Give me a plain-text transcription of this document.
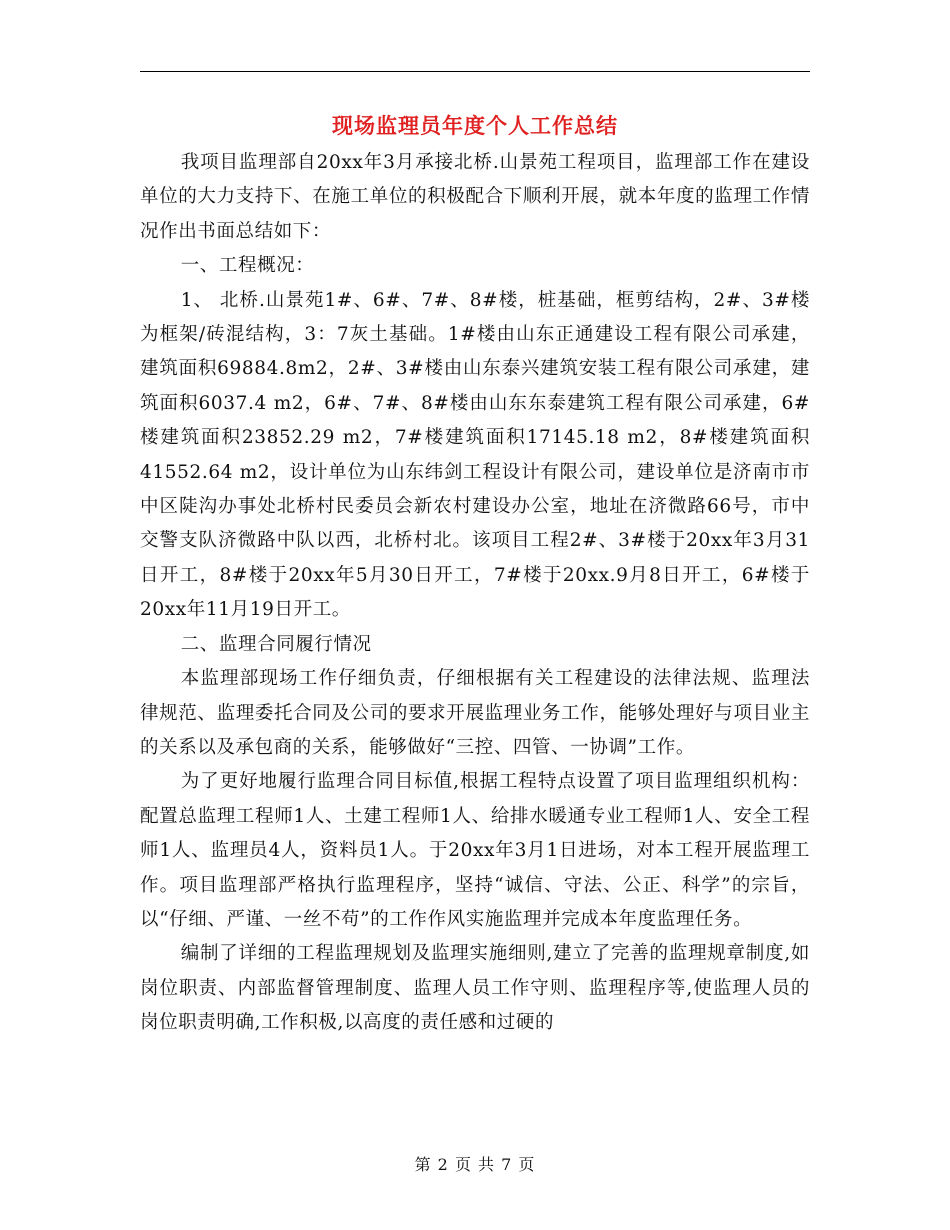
现场监理员年度个人工作总结

我项目监理部自20xx年3月承接北桥.山景苑工程项目，监理部工作在建设单位的大力支持下、在施工单位的积极配合下顺利开展，就本年度的监理工作情况作出书面总结如下：

一、工程概况：

1、 北桥.山景苑1#、6#、7#、8#楼，桩基础，框剪结构，2#、3#楼为框架/砖混结构，3：7灰土基础。1#楼由山东正通建设工程有限公司承建，建筑面积69884.8m2，2#、3#楼由山东泰兴建筑安装工程有限公司承建，建筑面积6037.4 m2，6#、7#、8#楼由山东东泰建筑工程有限公司承建，6#楼建筑面积23852.29 m2，7#楼建筑面积17145.18 m2，8#楼建筑面积41552.64 m2，设计单位为山东纬剑工程设计有限公司，建设单位是济南市市中区陡沟办事处北桥村民委员会新农村建设办公室，地址在济微路66号，市中交警支队济微路中队以西，北桥村北。该项目工程2#、3#楼于20xx年3月31日开工，8#楼于20xx年5月30日开工，7#楼于20xx.9月8日开工，6#楼于20xx年11月19日开工。

二、监理合同履行情况

本监理部现场工作仔细负责，仔细根据有关工程建设的法律法规、监理法律规范、监理委托合同及公司的要求开展监理业务工作，能够处理好与项目业主的关系以及承包商的关系，能够做好“三控、四管、一协调”工作。

为了更好地履行监理合同目标值,根据工程特点设置了项目监理组织机构：配置总监理工程师1人、土建工程师1人、给排水暖通专业工程师1人、安全工程师1人、监理员4人，资料员1人。于20xx年3月1日进场，对本工程开展监理工作。项目监理部严格执行监理程序，坚持“诚信、守法、公正、科学”的宗旨，以“仔细、严谨、一丝不苟”的工作作风实施监理并完成本年度监理任务。

编制了详细的工程监理规划及监理实施细则,建立了完善的监理规章制度,如岗位职责、内部监督管理制度、监理人员工作守则、监理程序等,使监理人员的岗位职责明确,工作积极,以高度的责任感和过硬的

第 2 页 共 7 页
